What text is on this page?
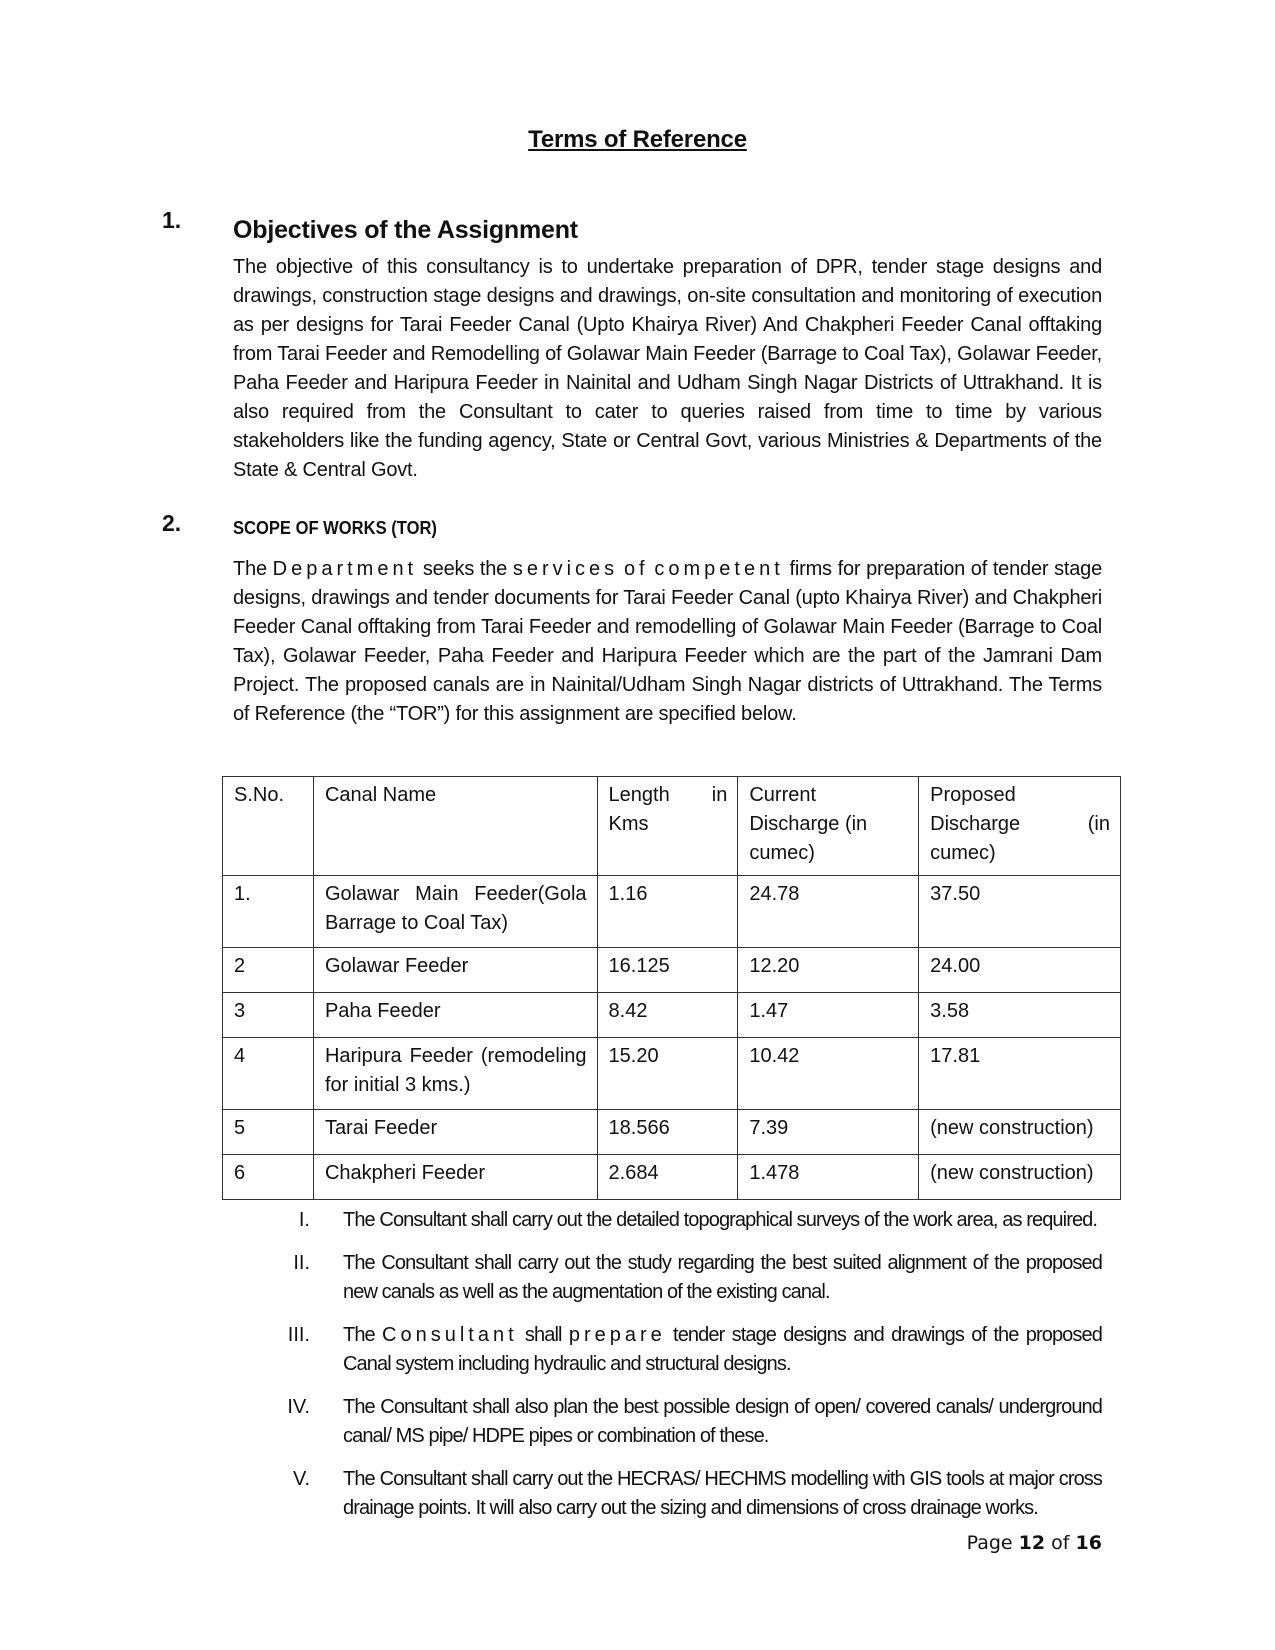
Terms of Reference
1. Objectives of the Assignment

The objective of this consultancy is to undertake preparation of DPR, tender stage designs and drawings, construction stage designs and drawings, on-site consultation and monitoring of execution as per designs for Tarai Feeder Canal (Upto Khairya River) And Chakpheri Feeder Canal offtaking from Tarai Feeder and Remodelling of Golawar Main Feeder (Barrage to Coal Tax), Golawar Feeder, Paha Feeder and Haripura Feeder in Nainital and Udham Singh Nagar Districts of Uttrakhand. It is also required from the Consultant to cater to queries raised from time to time by various stakeholders like the funding agency, State or Central Govt, various Ministries & Departments of the State & Central Govt.

2.	SCOPE OF WORKS (TOR)

The Department seeks the services of competent firms for preparation of tender stage designs, drawings and tender documents for Tarai Feeder Canal (upto Khairya River) and Chakpheri Feeder Canal offtaking from Tarai Feeder and remodelling of Golawar Main Feeder (Barrage to Coal Tax), Golawar Feeder, Paha Feeder and Haripura Feeder which are the part of the Jamrani Dam Project. The proposed canals are in Nainital/Udham Singh Nagar districts of Uttrakhand. The Terms of Reference (the “TOR”) for this assignment are specified below.

S.No.	Canal Name	Length in Kms	Current Discharge (in cumec)	Proposed Discharge (in cumec)
1.	Golawar Main Feeder(Gola Barrage to Coal Tax)	1.16	24.78	37.50
2	Golawar Feeder	16.125	12.20	24.00
3	Paha Feeder	8.42	1.47	3.58
4	Haripura Feeder (remodeling for initial 3 kms.)	15.20	10.42	17.81
5	Tarai Feeder	18.566	7.39	(new construction)
6	Chakpheri Feeder	2.684	1.478	(new construction)
I.	The Consultant shall carry out the detailed topographical surveys of the work area, as required.
II.	The Consultant shall carry out the study regarding the best suited alignment of the proposed new canals as well as the augmentation of the existing canal.
III.	The Consultant shall prepare tender stage designs and drawings of the proposed Canal system including hydraulic and structural designs.
IV.	The Consultant shall also plan the best possible design of open/ covered canals/ underground canal/ MS pipe/ HDPE pipes or combination of these.
V.	The Consultant shall carry out the HECRAS/ HECHMS modelling with GIS tools at major cross drainage points. It will also carry out the sizing and dimensions of cross drainage works.
Page 12 of 16
